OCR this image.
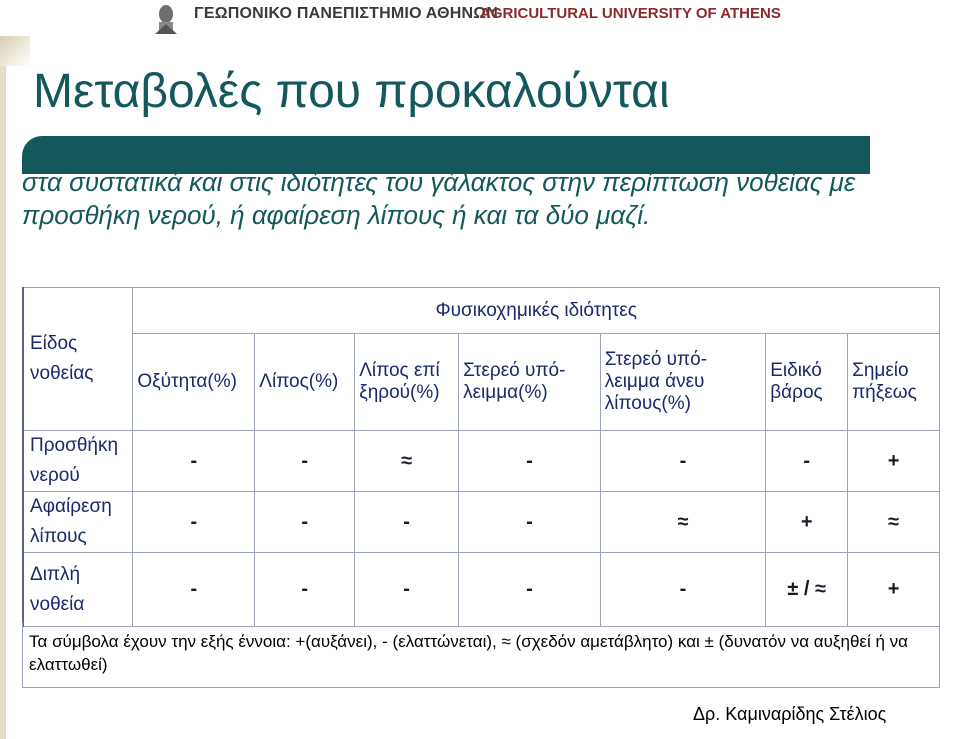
ΓΕΩΠΟΝΙΚΟ ΠΑΝΕΠΙΣΤΗΜΙΟ ΑΘΗΝΩΝ
AGRICULTURAL UNIVERSITY OF ATHENS
Μεταβολές που προκαλούνται

στα συστατικά και στις ιδιότητες του γάλακτος στην περίπτωση νοθείας με προσθήκη νερού, ή αφαίρεση λίπους ή και τα δύο μαζί.

Είδος νοθείας	Φυσικοχημικές ιδιότητες						
	Οξύτητα(%)	Λίπος(%)	Λίπος επί ξηρού(%)	Στερεό υπό-λειμμα(%)	Στερεό υπό-λειμμα άνευ λίπους(%)	Ειδικό βάρος	Σημείο πήξεως
Προσθήκη νερού	-	-	≈	-	-	-	+
Αφαίρεση λίπους	-	-	-	-	≈	+	≈
Διπλή νοθεία	-	-	-	-	-	± / ≈	+
Τα σύμβολα έχουν την εξής έννοια: +(αυξάνει), - (ελαττώνεται), ≈ (σχεδόν αμετάβλητο) και ± (δυνατόν να αυξηθεί ή να ελαττωθεί)
Δρ. Καμιναρίδης Στέλιος
